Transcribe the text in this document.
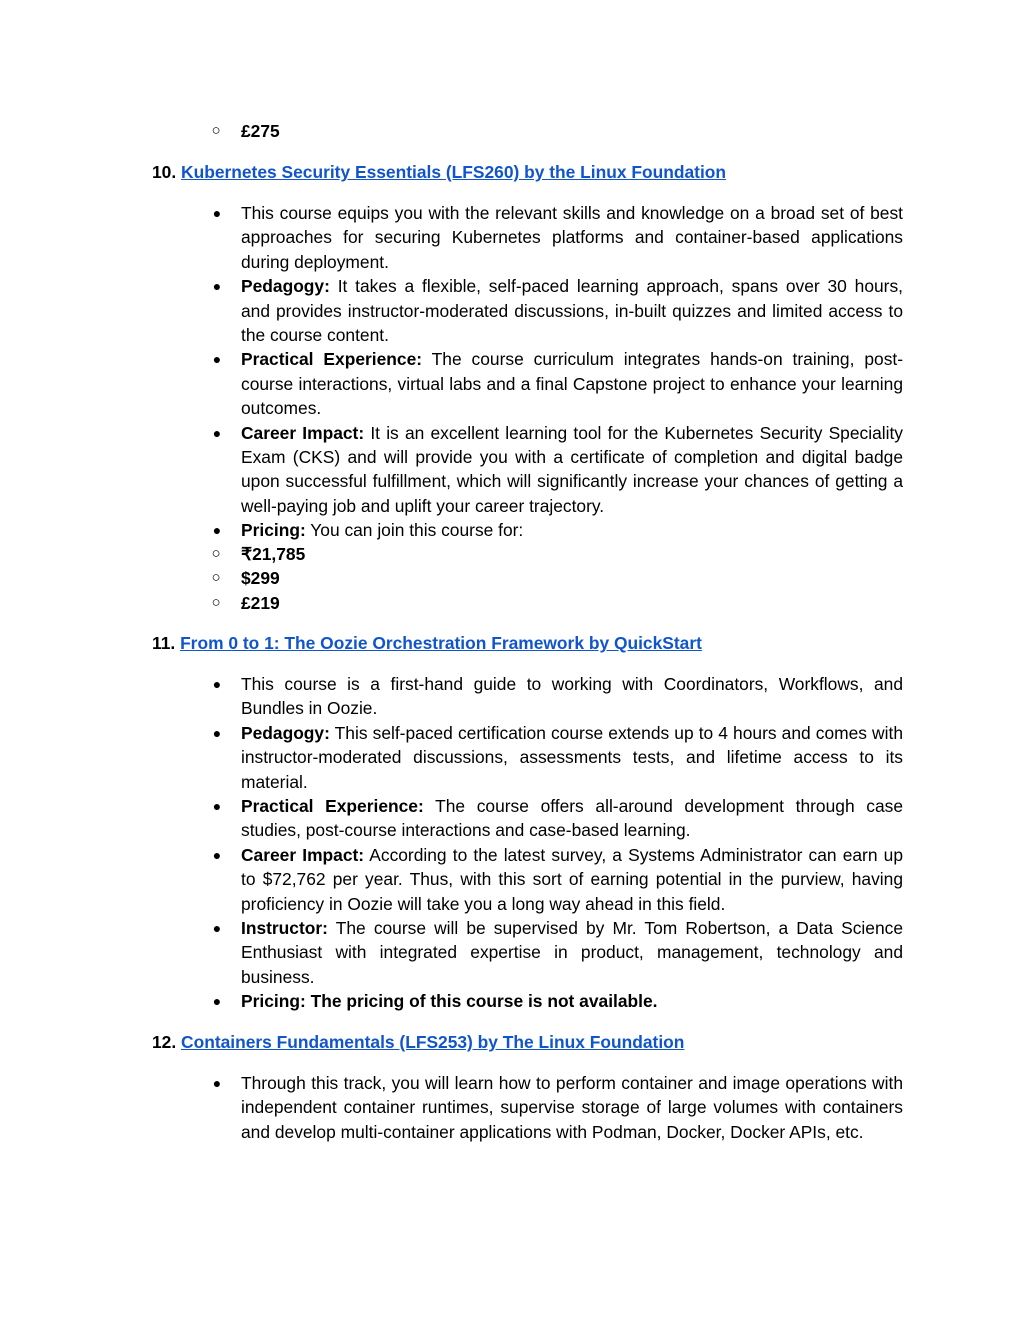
○ £275
10. Kubernetes Security Essentials (LFS260) by the Linux Foundation
● This course equips you with the relevant skills and knowledge on a broad set of best approaches for securing Kubernetes platforms and container-based applications during deployment.
● Pedagogy: It takes a flexible, self-paced learning approach, spans over 30 hours, and provides instructor-moderated discussions, in-built quizzes and limited access to the course content.
● Practical Experience: The course curriculum integrates hands-on training, post-course interactions, virtual labs and a final Capstone project to enhance your learning outcomes.
● Career Impact: It is an excellent learning tool for the Kubernetes Security Speciality Exam (CKS) and will provide you with a certificate of completion and digital badge upon successful fulfillment, which will significantly increase your chances of getting a well-paying job and uplift your career trajectory.
● Pricing: You can join this course for:
○ ₹21,785
○ $299
○ £219
11. From 0 to 1: The Oozie Orchestration Framework by QuickStart
● This course is a first-hand guide to working with Coordinators, Workflows, and Bundles in Oozie.
● Pedagogy: This self-paced certification course extends up to 4 hours and comes with instructor-moderated discussions, assessments tests, and lifetime access to its material.
● Practical Experience: The course offers all-around development through case studies, post-course interactions and case-based learning.
● Career Impact: According to the latest survey, a Systems Administrator can earn up to $72,762 per year. Thus, with this sort of earning potential in the purview, having proficiency in Oozie will take you a long way ahead in this field.
● Instructor: The course will be supervised by Mr. Tom Robertson, a Data Science Enthusiast with integrated expertise in product, management, technology and business.
● Pricing: The pricing of this course is not available.
12. Containers Fundamentals (LFS253) by The Linux Foundation
● Through this track, you will learn how to perform container and image operations with independent container runtimes, supervise storage of large volumes with containers and develop multi-container applications with Podman, Docker, Docker APIs, etc.
